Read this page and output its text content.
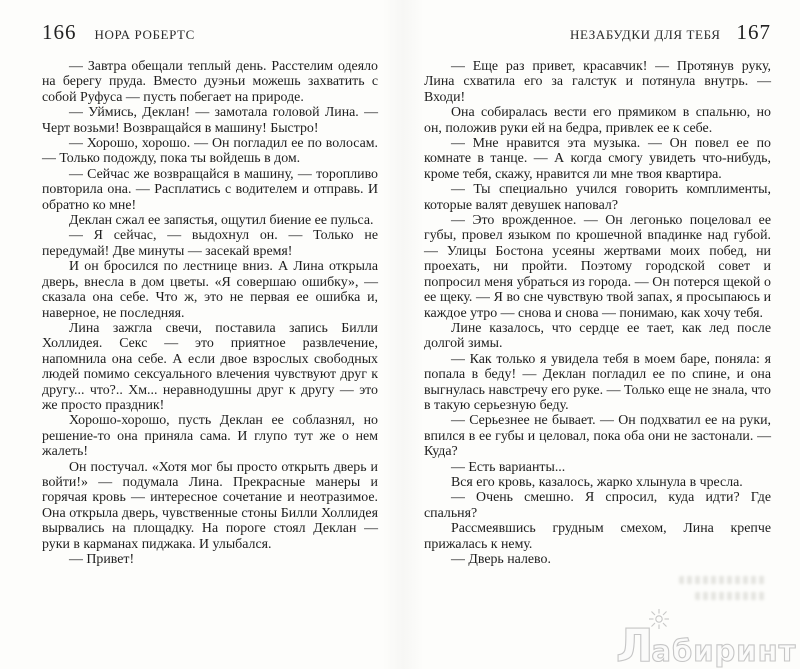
166 НОРА РОБЕРТС

— Завтра обещали теплый день. Расстелим одеяло на берегу пруда. Вместо дуэньи можешь захватить с собой Руфуса — пусть побегает на природе.

— Уймись, Деклан! — замотала головой Лина. — Черт возьми! Возвращайся в машину! Быстро!

— Хорошо, хорошо. — Он погладил ее по волосам. — Только подожду, пока ты войдешь в дом.

— Сейчас же возвращайся в машину, — торопливо повторила она. — Расплатись с водителем и отправь. И обратно ко мне!

Деклан сжал ее запястья, ощутил биение ее пульса.

— Я сейчас, — выдохнул он. — Только не передумай! Две минуты — засекай время!

И он бросился по лестнице вниз. А Лина открыла дверь, внесла в дом цветы. «Я совершаю ошибку», — сказала она себе. Что ж, это не первая ее ошибка и, наверное, не последняя.

Лина зажгла свечи, поставила запись Билли Холлидея. Секс — это приятное развлечение, напомнила она себе. А если двое взрослых свободных людей помимо сексуального влечения чувствуют друг к другу... что?.. Хм... неравнодушны друг к другу — это же просто праздник!

Хорошо-хорошо, пусть Деклан ее соблазнял, но решение-то она приняла сама. И глупо тут же о нем жалеть!

Он постучал. «Хотя мог бы просто открыть дверь и войти!» — подумала Лина. Прекрасные манеры и горячая кровь — интересное сочетание и неотразимое. Она открыла дверь, чувственные стоны Билли Холлидея вырвались на площадку. На пороге стоял Деклан — руки в карманах пиджака. И улыбался.

— Привет!

НЕЗАБУДКИ ДЛЯ ТЕБЯ 167

— Еще раз привет, красавчик! — Протянув руку, Лина схватила его за галстук и потянула внутрь. — Входи!

Она собиралась вести его прямиком в спальню, но он, положив руки ей на бедра, привлек ее к себе.

— Мне нравится эта музыка. — Он повел ее по комнате в танце. — А когда смогу увидеть что-нибудь, кроме тебя, скажу, нравится ли мне твоя квартира.

— Ты специально учился говорить комплименты, которые валят девушек наповал?

— Это врожденное. — Он легонько поцеловал ее губы, провел языком по крошечной впадинке над губой. — Улицы Бостона усеяны жертвами моих побед, ни проехать, ни пройти. Поэтому городской совет и попросил меня убраться из города. — Он потерся щекой о ее щеку. — Я во сне чувствую твой запах, я просыпаюсь и каждое утро — снова и снова — понимаю, как хочу тебя.

Лине казалось, что сердце ее тает, как лед после долгой зимы.

— Как только я увидела тебя в моем баре, поняла: я попала в беду! — Деклан погладил ее по спине, и она выгнулась навстречу его руке. — Только еще не знала, что в такую серьезную беду.

— Серьезнее не бывает. — Он подхватил ее на руки, впился в ее губы и целовал, пока оба они не застонали. — Куда?

— Есть варианты...

Вся его кровь, казалось, жарко хлынула в чресла.

— Очень смешно. Я спросил, куда идти? Где спальня?

Рассмеявшись грудным смехом, Лина крепче прижалась к нему.

— Дверь налево.

Л
абиринт
